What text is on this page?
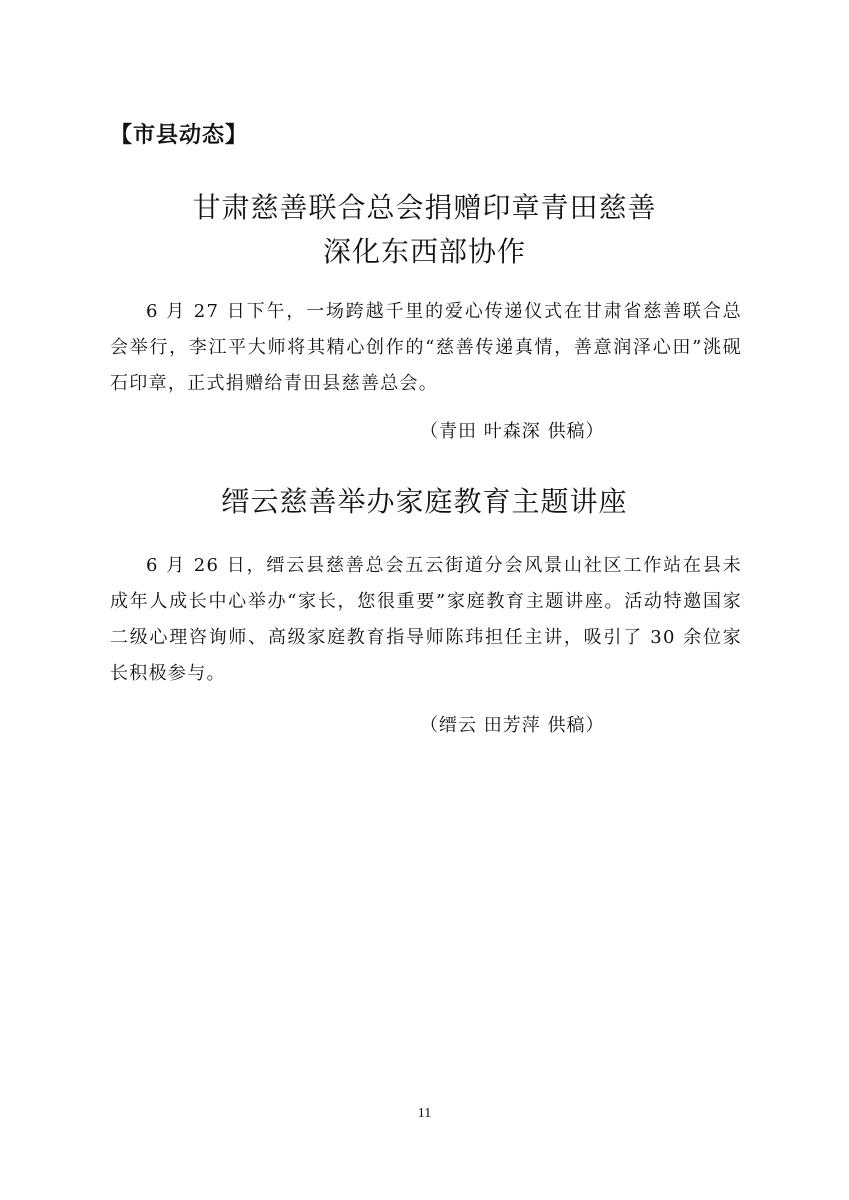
【市县动态】
甘肃慈善联合总会捐赠印章青田慈善
深化东西部协作
6 月 27 日下午，一场跨越千里的爱心传递仪式在甘肃省慈善联合总会举行，李江平大师将其精心创作的“慈善传递真情，善意润泽心田”洮砚石印章，正式捐赠给青田县慈善总会。
（青田 叶森深 供稿）
缙云慈善举办家庭教育主题讲座
6 月 26 日，缙云县慈善总会五云街道分会风景山社区工作站在县未成年人成长中心举办“家长，您很重要”家庭教育主题讲座。活动特邀国家二级心理咨询师、高级家庭教育指导师陈玮担任主讲，吸引了 30 余位家长积极参与。
（缙云 田芳萍 供稿）
11
